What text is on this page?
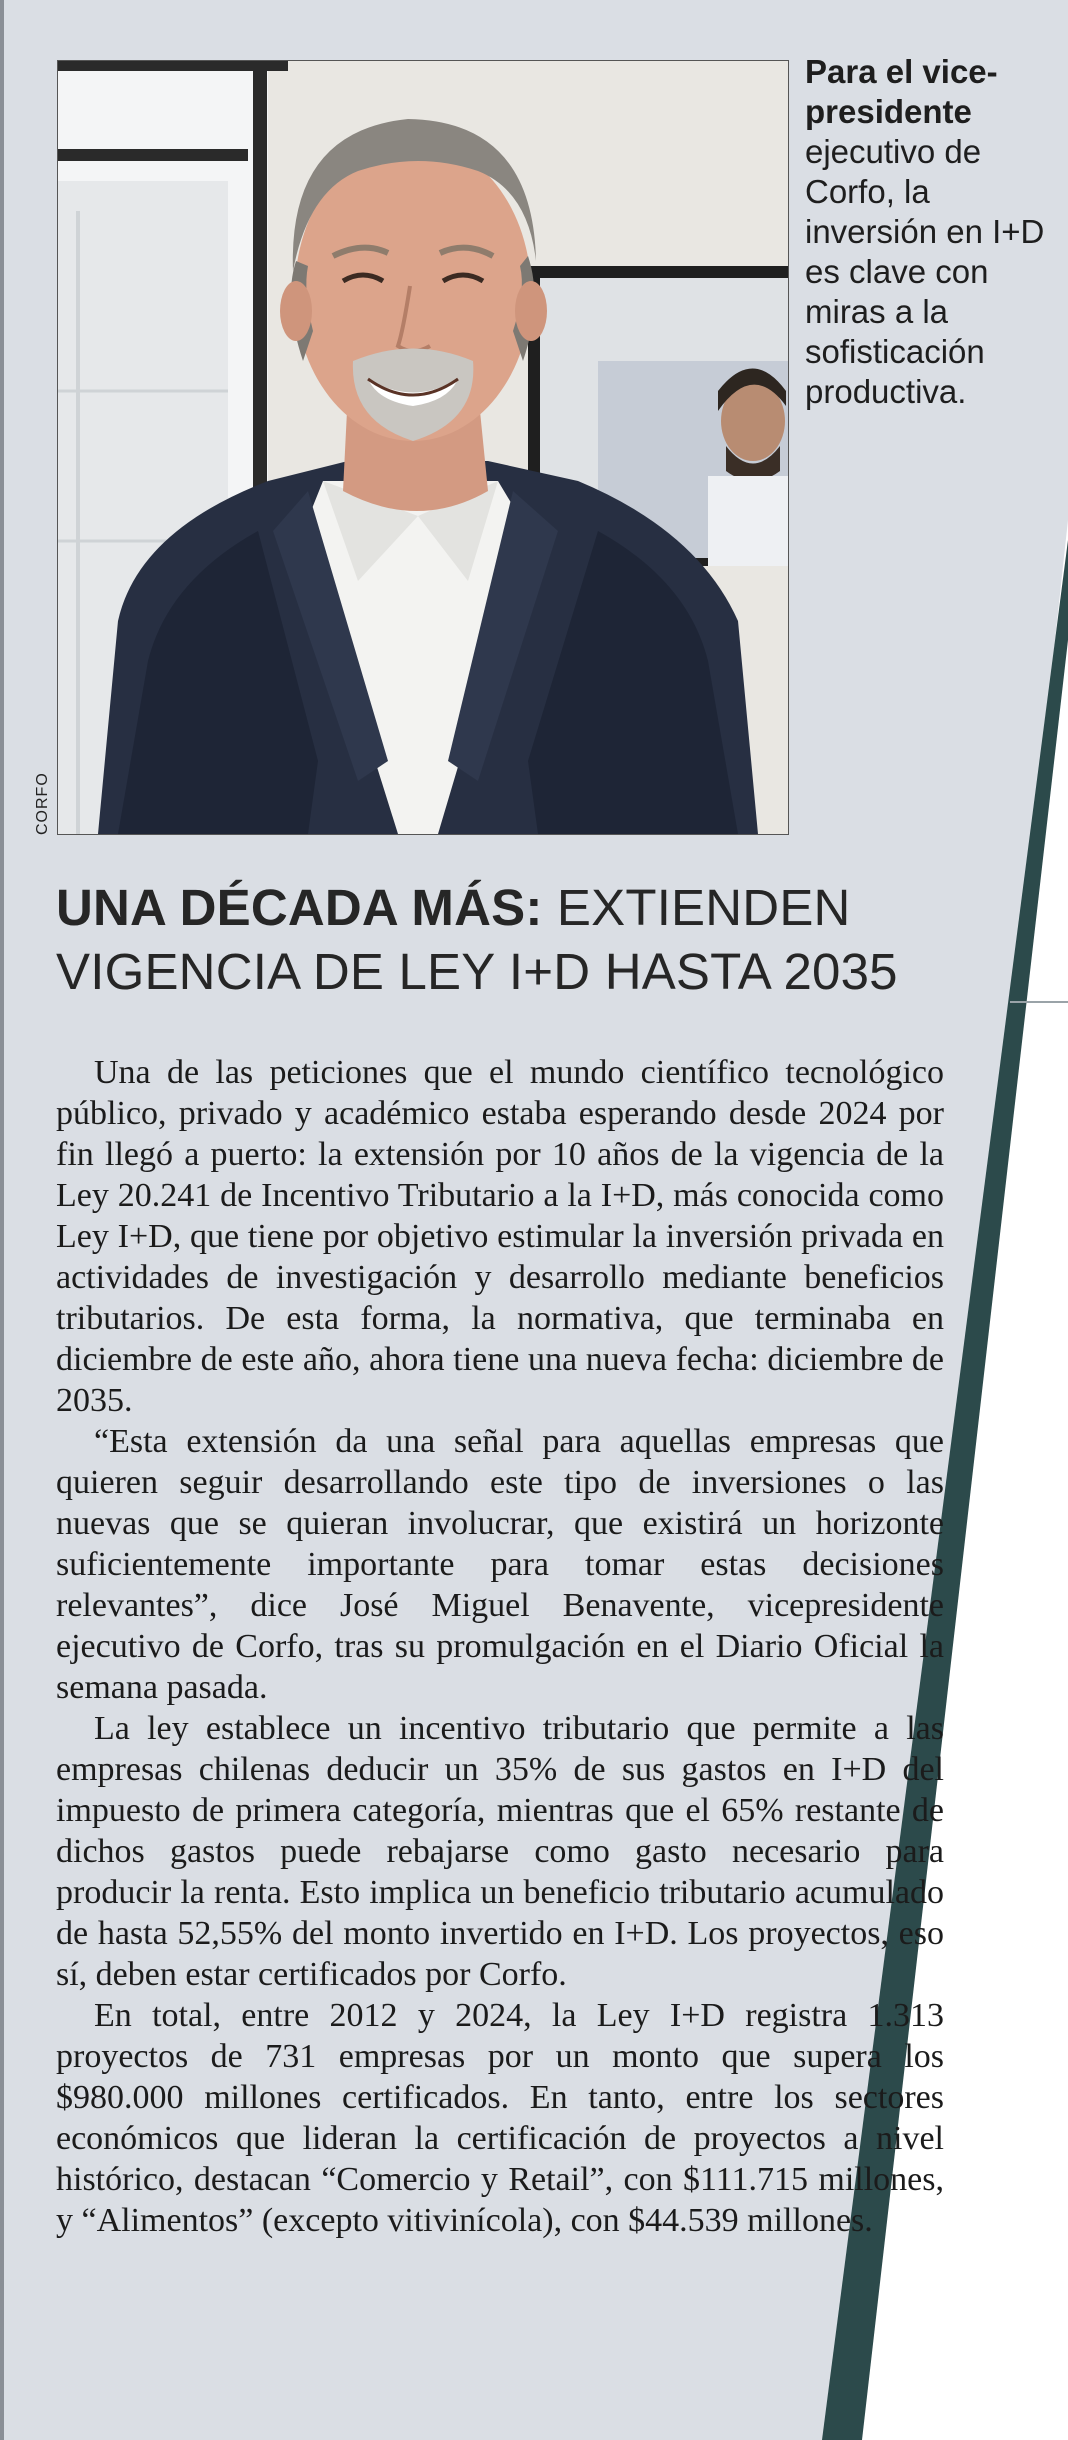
CORFO
Para el vice-presidente ejecutivo de Corfo, la inversión en I+D es clave con miras a la sofisticación productiva.
UNA DÉCADA MÁS: EXTIENDEN VIGENCIA DE LEY I+D HASTA 2035

Una de las peticiones que el mundo científico tecnológico público, privado y académico estaba esperando desde 2024 por fin llegó a puerto: la extensión por 10 años de la vigencia de la Ley 20.241 de Incentivo Tributario a la I+D, más conocida como Ley I+D, que tiene por objetivo estimular la inversión privada en actividades de investigación y desarrollo mediante beneficios tributarios. De esta forma, la normativa, que terminaba en diciembre de este año, ahora tiene una nueva fecha: diciembre de 2035.

“Esta extensión da una señal para aquellas empresas que quieren seguir desarrollando este tipo de inversiones o las nuevas que se quieran involucrar, que existirá un horizonte suficientemente importante para tomar estas decisiones relevantes”, dice José Miguel Benavente, vicepresidente ejecutivo de Corfo, tras su promulgación en el Diario Oficial la semana pasada.

La ley establece un incentivo tributario que permite a las empresas chilenas deducir un 35% de sus gastos en I+D del impuesto de primera categoría, mientras que el 65% restante de dichos gastos puede rebajarse como gasto necesario para producir la renta. Esto implica un beneficio tributario acumulado de hasta 52,55% del monto invertido en I+D. Los proyectos, eso sí, deben estar certificados por Corfo.

En total, entre 2012 y 2024, la Ley I+D registra 1.313 proyectos de 731 empresas por un monto que supera los $980.000 millones certificados. En tanto, entre los sectores económicos que lideran la certificación de proyectos a nivel histórico, destacan “Comercio y Retail”, con $111.715 millones, y “Alimentos” (excepto vitivinícola), con $44.539 millones.
